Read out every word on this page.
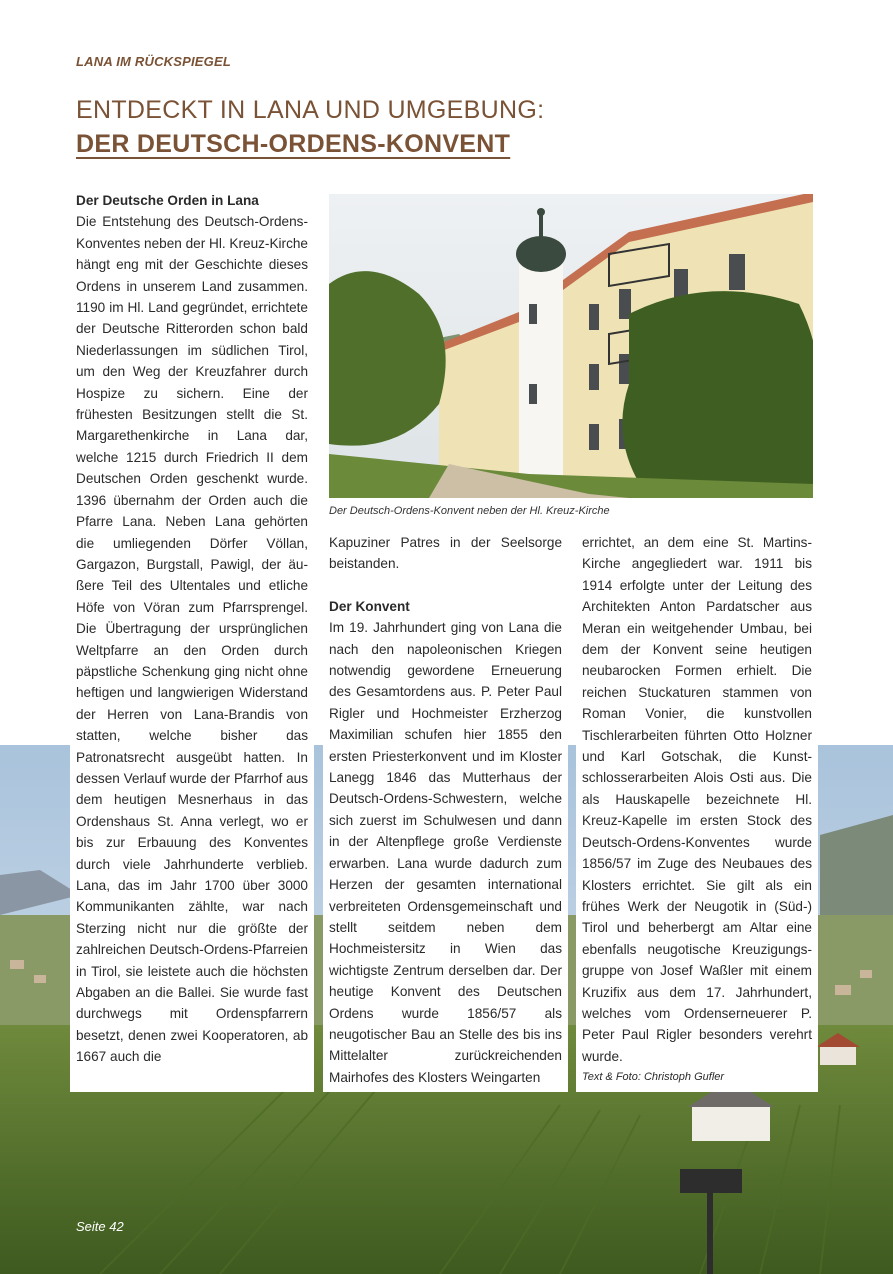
LANA IM RÜCKSPIEGEL
ENTDECKT IN LANA UND UMGEBUNG:
DER DEUTSCH-ORDENS-KONVENT

Der Deutsche Orden in Lana

Die Entstehung des Deutsch-Ordens-Konventes neben der Hl. Kreuz-Kirche hängt eng mit der Geschichte dieses Ordens in unserem Land zusammen. 1190 im Hl. Land gegründet, errichtete der Deutsche Ritterorden schon bald Niederlassungen im südlichen Tirol, um den Weg der Kreuzfahrer durch Hospize zu sichern. Eine der frühesten Besitzungen stellt die St. Margarethenkirche in Lana dar, welche 1215 durch Friedrich II dem Deutschen Orden geschenkt wurde. 1396 übernahm der Orden auch die Pfarre Lana. Neben Lana gehörten die umliegenden Dörfer Völlan, Gargazon, Burgstall, Pawigl, der äußere Teil des Ultentales und etliche Höfe von Vöran zum Pfarrsprengel. Die Übertragung der ursprünglichen Weltpfarre an den Orden durch päpstliche Schenkung ging nicht ohne heftigen und langwierigen Widerstand der Herren von Lana-Brandis von statten, welche bisher das Patronatsrecht ausgeübt hatten. In dessen Verlauf wurde der Pfarrhof aus dem heutigen Mesnerhaus in das Ordenshaus St. Anna verlegt, wo er bis zur Erbauung des Konventes durch viele Jahrhunderte verblieb. Lana, das im Jahr 1700 über 3000 Kommunikanten zählte, war nach Sterzing nicht nur die größte der zahlreichen Deutsch-Ordens-Pfarreien in Tirol, sie leistete auch die höchsten Abgaben an die Ballei. Sie wurde fast durchwegs mit Ordenspfarrern besetzt, denen zwei Kooperatoren, ab 1667 auch die

Der Deutsch-Ordens-Konvent neben der Hl. Kreuz-Kirche

Kapuziner Patres in der Seelsorge beistanden.

Der Konvent

Im 19. Jahrhundert ging von Lana die nach den napoleonischen Kriegen notwendig gewordene Erneuerung des Gesamtordens aus. P. Peter Paul Rigler und Hochmeister Erzherzog Maximilian schufen hier 1855 den ersten Priesterkonvent und im Kloster Lanegg 1846 das Mutterhaus der Deutsch-Ordens-Schwestern, welche sich zuerst im Schulwesen und dann in der Altenpflege große Verdienste erwarben. Lana wurde dadurch zum Herzen der gesamten international verbreiteten Ordensgemeinschaft und stellt seitdem neben dem Hochmeistersitz in Wien das wichtigste Zentrum derselben dar. Der heutige Konvent des Deutschen Ordens wurde 1856/57 als neugotischer Bau an Stelle des bis ins Mittelalter zurückreichenden Mairhofes des Klosters Weingarten

errichtet, an dem eine St. Martins-Kirche angegliedert war. 1911 bis 1914 erfolgte unter der Leitung des Architekten Anton Pardatscher aus Meran ein weitgehender Umbau, bei dem der Konvent seine heutigen neubarocken Formen erhielt. Die reichen Stuckaturen stammen von Roman Vonier, die kunstvollen Tischlerarbeiten führten Otto Holzner und Karl Gotschak, die Kunstschlosserarbeiten Alois Osti aus. Die als Hauskapelle bezeichnete Hl. Kreuz-Kapelle im ersten Stock des Deutsch-Ordens-Konventes wurde 1856/57 im Zuge des Neubaues des Klosters errichtet. Sie gilt als ein frühes Werk der Neugotik in (Süd-) Tirol und beherbergt am Altar eine ebenfalls neugotische Kreuzigungsgruppe von Josef Waßler mit einem Kruzifix aus dem 17. Jahrhundert, welches vom Ordenserneuerer P. Peter Paul Rigler besonders verehrt wurde.

Text & Foto: Christoph Gufler

Seite 42
